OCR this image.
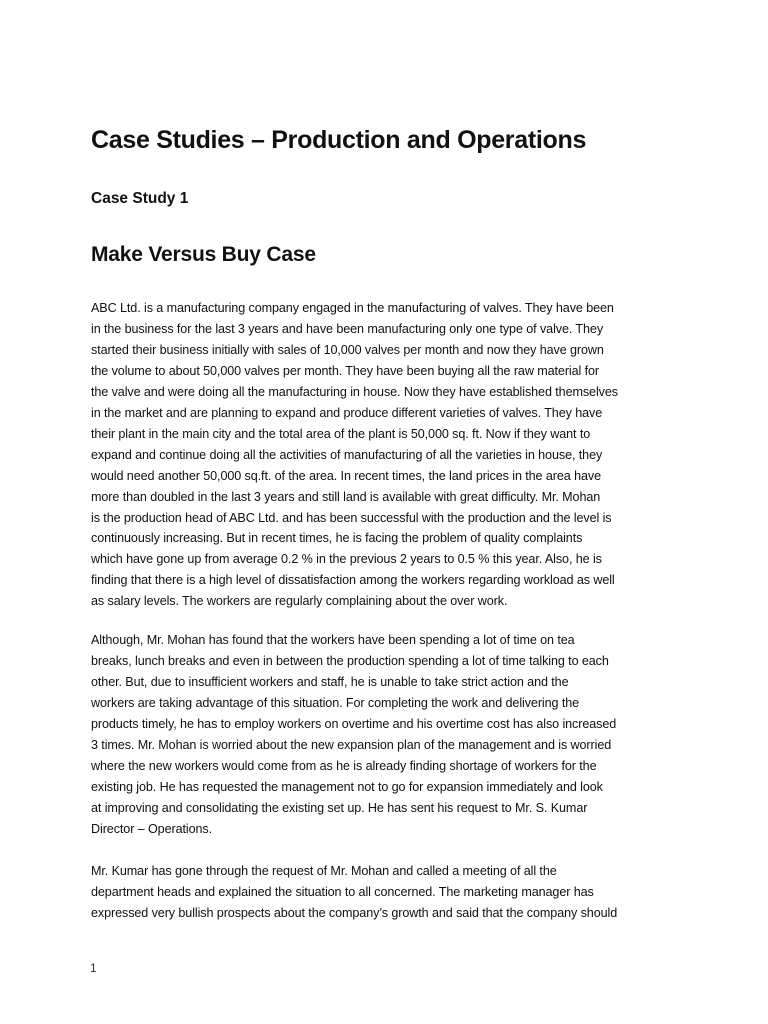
Case Studies – Production and Operations
Case Study 1
Make Versus Buy Case

ABC Ltd. is a manufacturing company engaged in the manufacturing of valves. They have been
in the business for the last 3 years and have been manufacturing only one type of valve. They
started their business initially with sales of 10,000 valves per month and now they have grown
the volume to about 50,000 valves per month. They have been buying all the raw material for
the valve and were doing all the manufacturing in house. Now they have established themselves
in the market and are planning to expand and produce different varieties of valves. They have
their plant in the main city and the total area of the plant is 50,000 sq. ft. Now if they want to
expand and continue doing all the activities of manufacturing of all the varieties in house, they
would need another 50,000 sq.ft. of the area. In recent times, the land prices in the area have
more than doubled in the last 3 years and still land is available with great difficulty. Mr. Mohan
is the production head of ABC Ltd. and has been successful with the production and the level is
continuously increasing. But in recent times, he is facing the problem of quality complaints
which have gone up from average 0.2 % in the previous 2 years to 0.5 % this year. Also, he is
finding that there is a high level of dissatisfaction among the workers regarding workload as well
as salary levels. The workers are regularly complaining about the over work.

Although, Mr. Mohan has found that the workers have been spending a lot of time on tea
breaks, lunch breaks and even in between the production spending a lot of time talking to each
other. But, due to insufficient workers and staff, he is unable to take strict action and the
workers are taking advantage of this situation. For completing the work and delivering the
products timely, he has to employ workers on overtime and his overtime cost has also increased
3 times. Mr. Mohan is worried about the new expansion plan of the management and is worried
where the new workers would come from as he is already finding shortage of workers for the
existing job. He has requested the management not to go for expansion immediately and look
at improving and consolidating the existing set up. He has sent his request to Mr. S. Kumar
Director – Operations.

Mr. Kumar has gone through the request of Mr. Mohan and called a meeting of all the
department heads and explained the situation to all concerned. The marketing manager has
expressed very bullish prospects about the company’s growth and said that the company should

1
